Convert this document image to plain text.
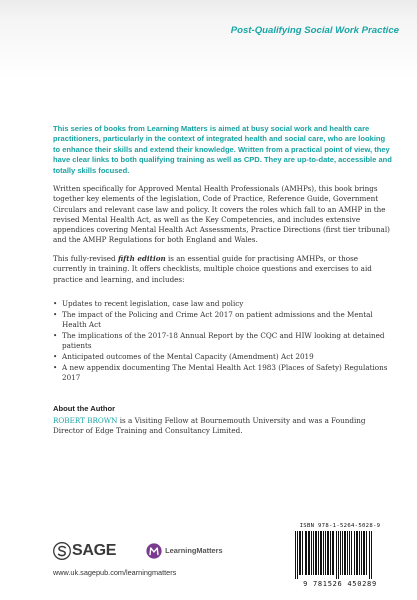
Post-Qualifying Social Work Practice
This series of books from Learning Matters is aimed at busy social work and health care practitioners, particularly in the context of integrated health and social care, who are looking to enhance their skills and extend their knowledge. Written from a practical point of view, they have clear links to both qualifying training as well as CPD. They are up-to-date, accessible and totally skills focused.
Written specifically for Approved Mental Health Professionals (AMHPs), this book brings together key elements of the legislation, Code of Practice, Reference Guide, Government Circulars and relevant case law and policy. It covers the roles which fall to an AMHP in the revised Mental Health Act, as well as the Key Competencies, and includes extensive appendices covering Mental Health Act Assessments, Practice Directions (first tier tribunal) and the AMHP Regulations for both England and Wales.
This fully-revised fifth edition is an essential guide for practising AMHPs, or those currently in training. It offers checklists, multiple choice questions and exercises to aid practice and learning, and includes:
• Updates to recent legislation, case law and policy
• The impact of the Policing and Crime Act 2017 on patient admissions and the Mental Health Act
• The implications of the 2017-18 Annual Report by the CQC and HIW looking at detained patients
• Anticipated outcomes of the Mental Capacity (Amendment) Act 2019
• A new appendix documenting The Mental Health Act 1983 (Places of Safety) Regulations 2017
About the Author
ROBERT BROWN is a Visiting Fellow at Bournemouth University and was a Founding Director of Edge Training and Consultancy Limited.
SAGE	LearningMatters
www.uk.sagepub.com/learningmatters
ISBN 978-1-5264-5028-9
9 781526 450289
